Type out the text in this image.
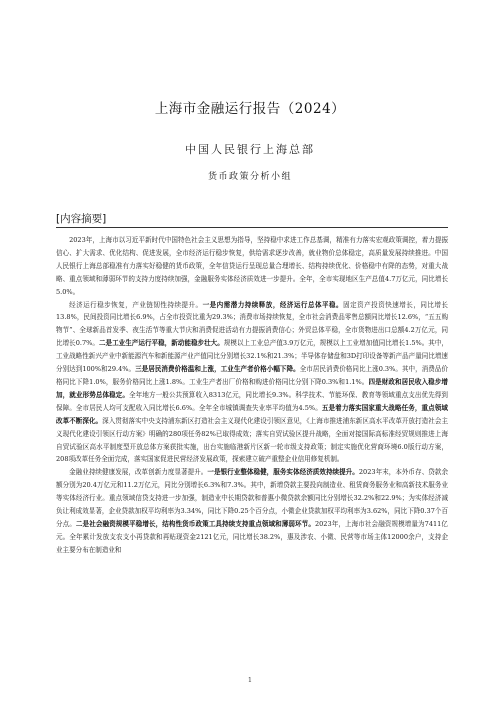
上海市金融运行报告（2024）
中国人民银行上海总部
货币政策分析小组
[内容摘要]

2023年，上海市以习近平新时代中国特色社会主义思想为指导，坚持稳中求进工作总基调，精准有力落实宏观政策调控，着力提振信心、扩大需求、优化结构、促进发展，全市经济运行稳步恢复，供给需求逐步改善，就业物价总体稳定，高质量发展持续推进。中国人民银行上海总部稳准有力落实好稳健的货币政策，全年信贷运行呈现总量合理增长、结构持续优化、价格稳中有降的态势，对重大战略、重点领域和薄弱环节的支持力度持续加强，金融服务实体经济质效进一步提升。全年，全市实现地区生产总值4.7万亿元，同比增长5.0%。

经济运行稳步恢复，产业链韧性持续提升。一是内需潜力持续释放，经济运行总体平稳。固定资产投资快速增长，同比增长13.8%，民间投资同比增长6.9%，占全市投资比重为29.3%；消费市场持续恢复，全市社会消费品零售总额同比增长12.6%，“五五购物节”、全球新品首发季、夜生活节等重大节庆和消费促进活动有力提振消费信心；外贸总体平稳，全市货物进出口总额4.2万亿元，同比增长0.7%。二是工业生产运行平稳，新动能稳步壮大。规模以上工业总产值3.9万亿元，规模以上工业增加值同比增长1.5%。其中，工业战略性新兴产业中新能源汽车和新能源产业产值同比分别增长32.1%和21.3%；半导体存储盘和3D打印设备等新产品产量同比增速分别达到100%和29.4%。三是居民消费价格温和上涨，工业生产者价格小幅下降。全市居民消费价格同比上涨0.3%。其中，消费品价格同比下降1.0%，服务价格同比上涨1.8%。工业生产者出厂价格和购进价格同比分别下降0.3%和1.1%。四是财政和居民收入稳步增加，就业形势总体稳定。全年地方一般公共预算收入8313亿元，同比增长9.3%。科学技术、节能环保、教育等领域重点支出优先得到保障。全市居民人均可支配收入同比增长6.6%。全年全市城镇调查失业率平均值为4.5%。五是着力落实国家重大战略任务，重点领域改革不断深化。深入贯彻落实中央支持浦东新区打造社会主义现代化建设引领区意见，《上海市推进浦东新区高水平改革开放打造社会主义现代化建设引领区行动方案》明确的280项任务82%已取得成效；落实自贸试验区提升战略，全面对接国际高标准经贸规则推进上海自贸试验区高水平制度型开放总体方案获批实施，出台实施临港新片区新一轮市级支持政策；制定实施优化营商环境6.0版行动方案，208项改革任务全面完成，落实国家促进民营经济发展政策，探索建立破产重整企业信用修复机制。

金融业持续健康发展，改革创新力度显著提升。一是银行业整体稳健，服务实体经济质效持续提升。2023年末，本外币存、贷款余额分别为20.4万亿元和11.2万亿元，同比分别增长6.3%和7.3%。其中，新增贷款主要投向制造业、租赁商务服务业和高新技术服务业等实体经济行业。重点领域信贷支持进一步加强，制造业中长期贷款和普惠小微贷款余额同比分别增长32.2%和22.9%；为实体经济减负让利成效显著，企业贷款加权平均利率为3.34%，同比下降0.25个百分点，小微企业贷款加权平均利率为3.62%，同比下降0.37个百分点。二是社会融资规模平稳增长，结构性货币政策工具持续支持重点领域和薄弱环节。2023年，上海市社会融资规模增量为7411亿元。全年累计发放支农支小再贷款和再贴现资金2121亿元，同比增长38.2%，惠及涉农、小微、民营等市场主体12000余户，支持企业主要分布在制造业和

1
